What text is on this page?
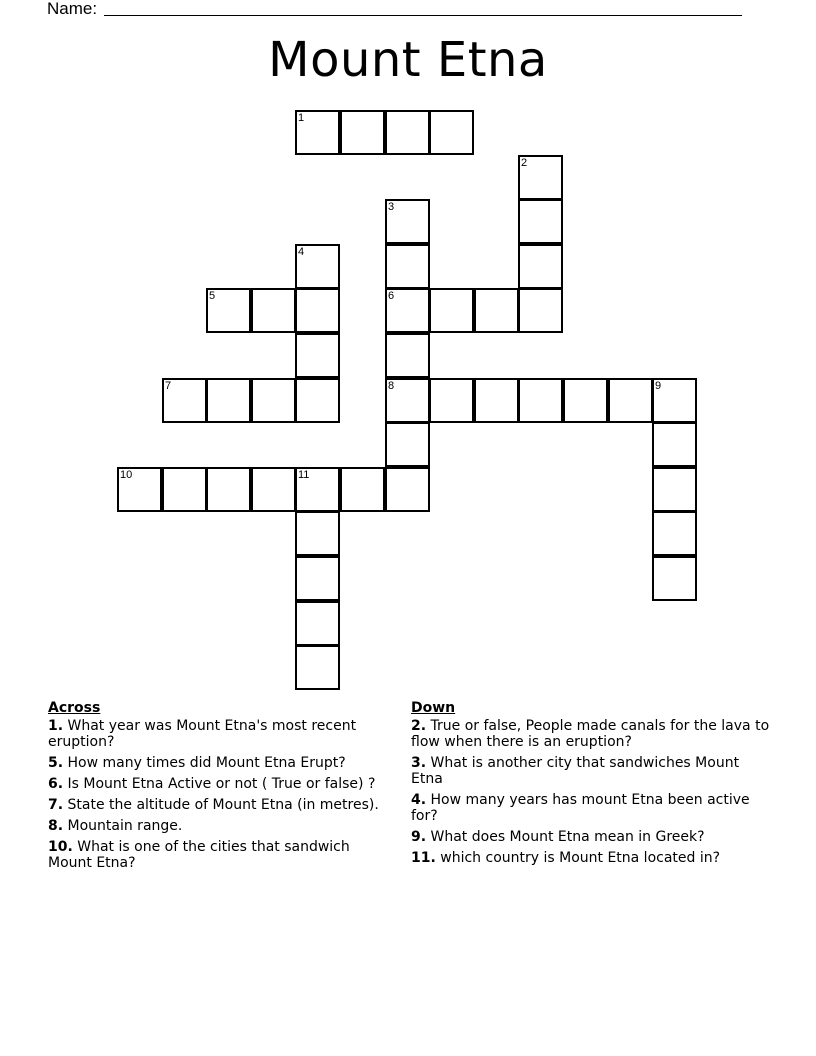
Name:
Mount Etna
1
2
3
6
8
4
5
7	9
10	11
Across
1. What year was Mount Etna's most recent eruption?
5. How many times did Mount Etna Erupt?
6. Is Mount Etna Active or not ( True or false) ?
7. State the altitude of Mount Etna (in metres).
8. Mountain range.
10. What is one of the cities that sandwich Mount Etna?
Down
2. True or false, People made canals for the lava to flow when there is an eruption?
3. What is another city that sandwiches Mount Etna
4. How many years has mount Etna been active for?
9. What does Mount Etna mean in Greek?
11. which country is Mount Etna located in?
